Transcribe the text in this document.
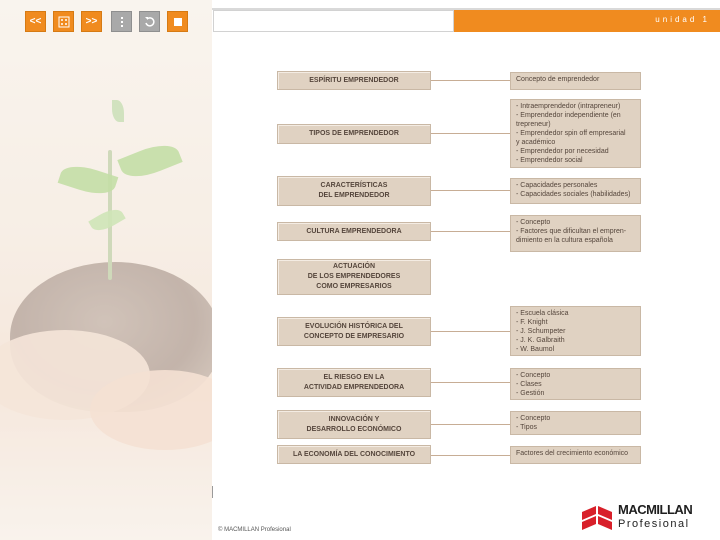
<<	>>	unidad 1
ESPÍRITU EMPRENDEDOR
TIPOS DE EMPRENDEDOR
CARACTERÍSTICAS
DEL EMPRENDEDOR
CULTURA EMPRENDEDORA
ACTUACIÓN
DE LOS EMPRENDEDORES
COMO EMPRESARIOS
EVOLUCIÓN HISTÓRICA DEL
CONCEPTO DE EMPRESARIO
EL RIESGO EN LA
ACTIVIDAD EMPRENDEDORA
INNOVACIÓN Y
DESARROLLO ECONÓMICO
LA ECONOMÍA DEL CONOCIMIENTO
Concepto de emprendedor
- Intraemprendedor (intrapreneur)
- Emprendedor independiente (en
trepreneur)
- Emprendedor spin off empresarial
y académico
- Emprendedor por necesidad
- Emprendedor social
- Capacidades personales
- Capacidades sociales (habilidades)
- Concepto
- Factores que dificultan el empren-
dimiento en la cultura española
- Escuela clásica
- F. Knight
- J. Schumpeter
- J. K. Galbraith
- W. Baumol
- Concepto
- Clases
- Gestión
- Concepto
- Tipos
Factores del crecimiento económico
© MACMILLAN Profesional
MACMILLAN
Profesional
